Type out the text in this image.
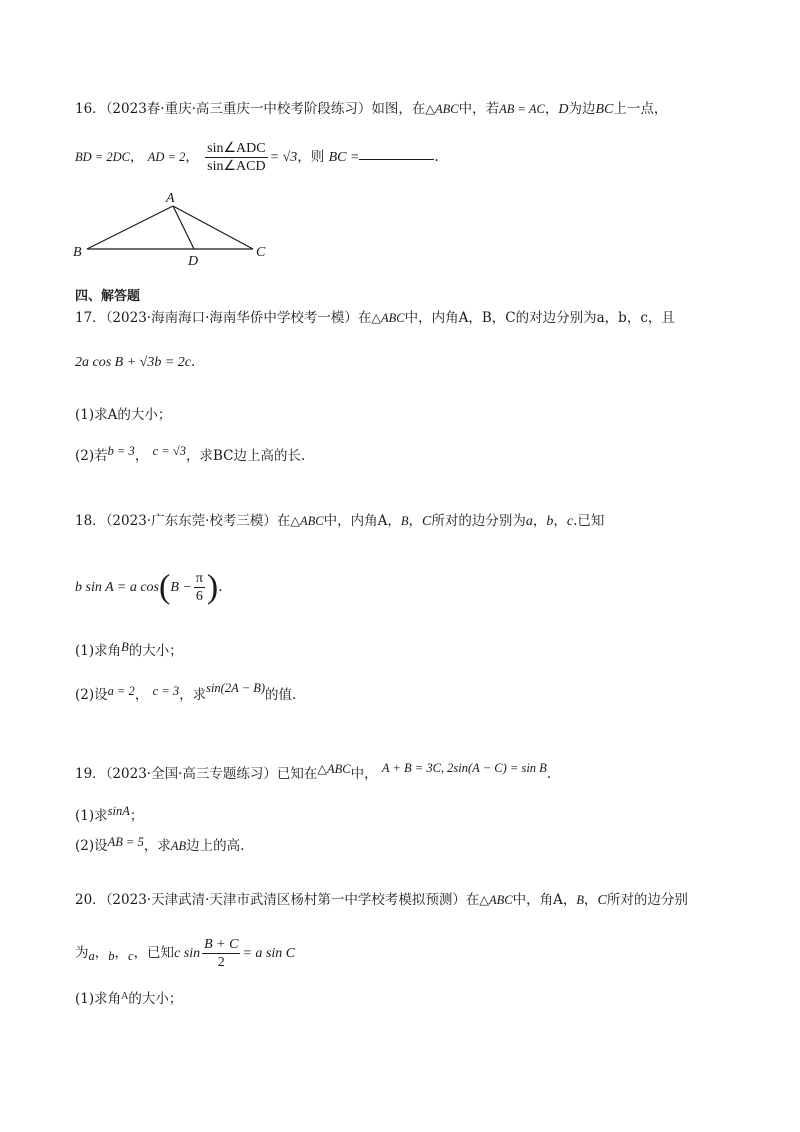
16．（2023春·重庆·高三重庆一中校考阶段练习）如图，在△ABC中，若AB = AC，D为边BC上一点，
BD = 2DC， AD = 2， $\frac{\text{sin∠ADC}}{\text{sin∠ACD}} = √3$，则 BC =	.
A
B	C
D
四、解答题
17．（2023·海南海口·海南华侨中学校考一模）在△ABC中，内角A，B，C的对边分别为a，b，c，且
2a cos B + √3b = 2c.
(1)求A的大小；
(2)若b = 3， c = √3，求BC边上高的长.
18．（2023·广东东莞·校考三模）在△ABC中，内角A，B，C所对的边分别为a，b，c.已知
b sin A = a $\cos(B - \frac{\pi}{6}$ ).
(1)求角B的大小；
(2)设a = 2， c = 3，求sin(2A − B)的值.
19．（2023·全国·高三专题练习）已知在△ABC中， A + B = 3C, 2sin(A − C) = sin B.
(1)求sinA；
(2)设AB = 5，求AB边上的高.
20．（2023·天津武清·天津市武清区杨村第一中学校考模拟预测）在△ABC中，角A，B，C所对的边分别
为a，b，c，已知c $\sin \frac{B + C}{2} = a$ sin C
(1)求角$^A$的大小；
